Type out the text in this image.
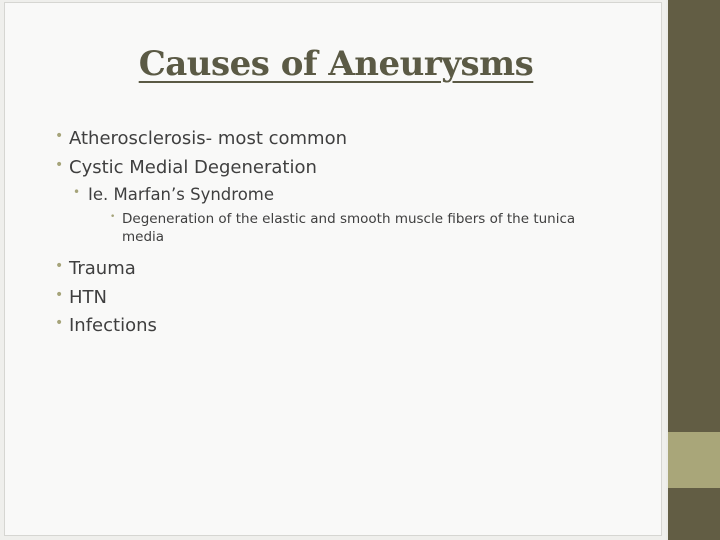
Causes of Aneurysms
• Atherosclerosis- most common
• Cystic Medial Degeneration
• Ie. Marfan’s Syndrome
• Degeneration of the elastic and smooth muscle fibers of the tunica media
• Trauma
• HTN
• Infections
